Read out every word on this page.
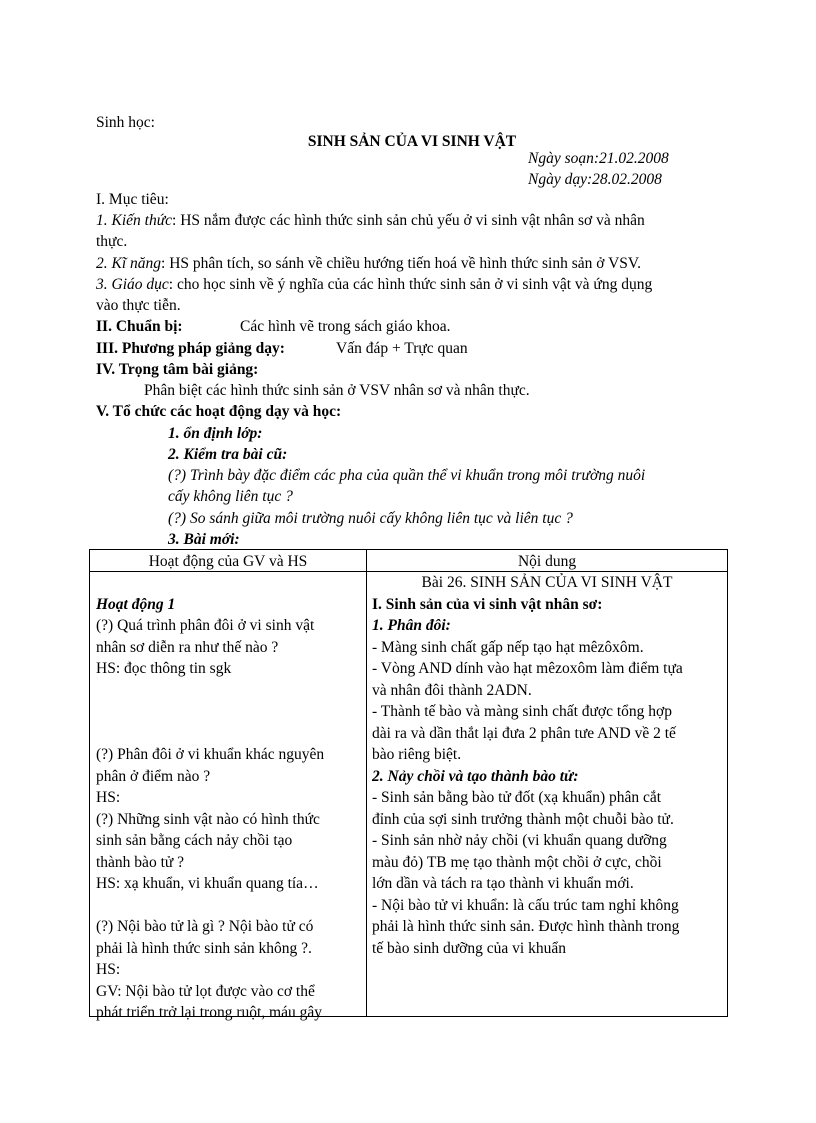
Sinh học:
SINH SẢN CỦA VI SINH VẬT
Ngày soạn:21.02.2008
Ngày dạy:28.02.2008
I. Mục tiêu:
1. Kiến thức: HS nắm được các hình thức sinh sản chủ yếu ở vi sinh vật nhân sơ và nhân
thực.
2. Kĩ năng: HS phân tích, so sánh về chiều hướng tiến hoá về hình thức sinh sản ở VSV.
3. Giáo dục: cho học sinh về ý nghĩa của các hình thức sinh sản ở vi sinh vật và ứng dụng
vào thực tiễn.
II. Chuẩn bị:	Các hình vẽ trong sách giáo khoa.
III. Phương pháp giảng dạy:	Vấn đáp + Trực quan
IV. Trọng tâm bài giảng:
Phân biệt các hình thức sinh sản ở VSV nhân sơ và nhân thực.
V. Tổ chức các hoạt động dạy và học:
1. ổn định lớp:
2. Kiểm tra bài cũ:
(?) Trình bày đặc điểm các pha của quần thể vi khuẩn trong môi trường nuôi
cấy không liên tục ?
(?) So sánh giữa môi trường nuôi cấy không liên tục và liên tục ?
3. Bài mới:
Hoạt động của GV và HS	Nội dung
Hoạt động 1
(?) Quá trình phân đôi ở vi sinh vật
nhân sơ diễn ra như thế nào ?
HS: đọc thông tin sgk
(?) Phân đôi ở vi khuẩn khác nguyên
phân ở điểm nào ?
HS:
(?) Những sinh vật nào có hình thức
sinh sản bằng cách nảy chồi tạo
thành bào tử ?
HS: xạ khuẩn, vi khuẩn quang tía…
(?) Nội bào tử là gì ? Nội bào tử có
phải là hình thức sinh sản không ?.
HS:
GV: Nội bào tử lọt được vào cơ thể
phát triển trở lại trong ruột, máu gây
Bài 26. SINH SẢN CỦA VI SINH VẬT
I. Sinh sản của vi sinh vật nhân sơ:
1. Phân đôi:
- Màng sinh chất gấp nếp tạo hạt mêzôxôm.
- Vòng AND dính vào hạt mêzoxôm làm điểm tựa
và nhân đôi thành 2ADN.
- Thành tế bào và màng sinh chất được tổng hợp
dài ra và dần thắt lại đưa 2 phân tưe AND về 2 tế
bào riêng biệt.
2. Nảy chồi và tạo thành bào tử:
- Sinh sản bằng bào tử đốt (xạ khuẩn) phân cắt
đỉnh của sợi sinh trưởng thành một chuỗi bào tử.
- Sinh sản nhờ nảy chồi (vi khuẩn quang dưỡng
màu đỏ) TB mẹ tạo thành một chồi ở cực, chồi
lớn dần và tách ra tạo thành vi khuẩn mới.
- Nội bào tử vi khuẩn: là cấu trúc tam nghỉ không
phải là hình thức sinh sản. Được hình thành trong
tế bào sinh dưỡng của vi khuẩn
